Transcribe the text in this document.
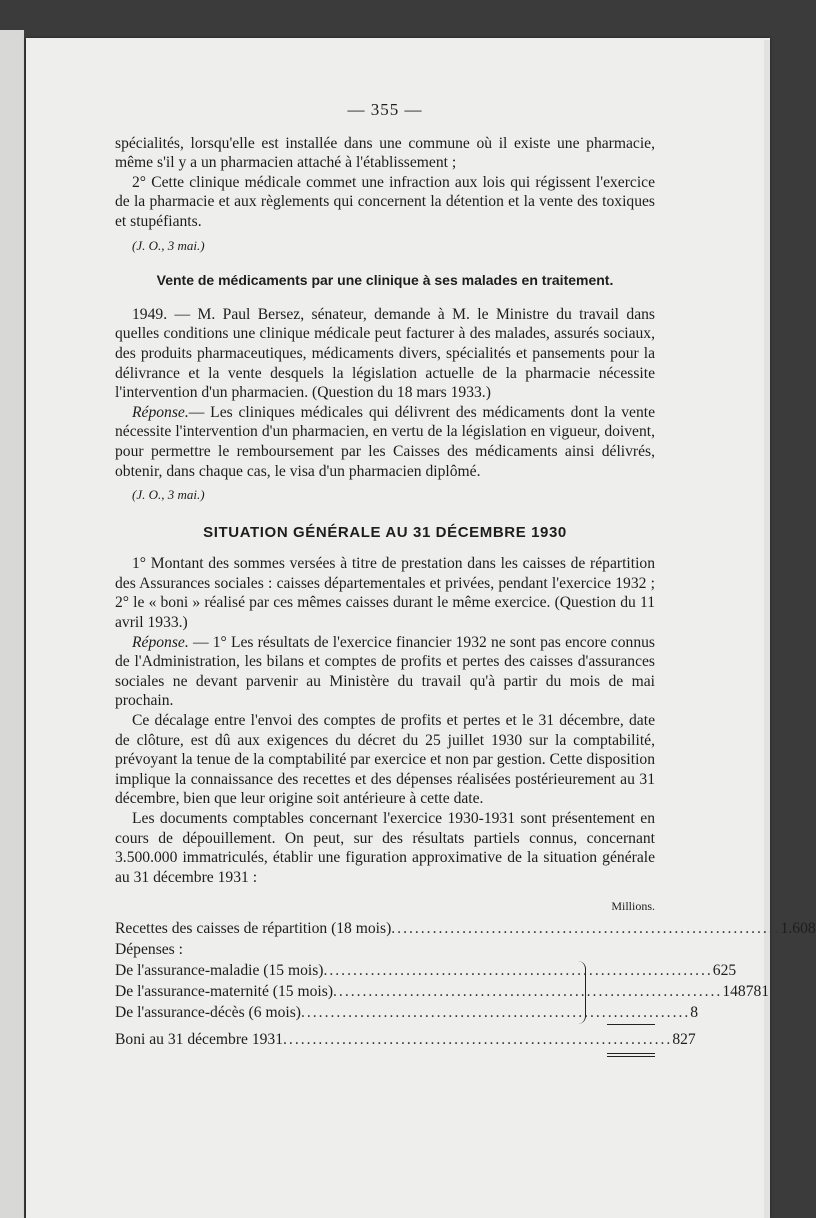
— 355 —

spécialités, lorsqu'elle est installée dans une commune où il existe une pharmacie, même s'il y a un pharmacien attaché à l'établissement ;

2° Cette clinique médicale commet une infraction aux lois qui régissent l'exercice de la pharmacie et aux règlements qui concernent la détention et la vente des toxiques et stupéfiants.

(J. O., 3 mai.)

Vente de médicaments par une clinique à ses malades en traitement.

1949. — M. Paul Bersez, sénateur, demande à M. le Ministre du travail dans quelles conditions une clinique médicale peut facturer à des malades, assurés sociaux, des produits pharmaceutiques, médicaments divers, spécialités et pansements pour la délivrance et la vente desquels la législation actuelle de la pharmacie nécessite l'intervention d'un pharmacien. (Question du 18 mars 1933.)

Réponse.— Les cliniques médicales qui délivrent des médicaments dont la vente nécessite l'intervention d'un pharmacien, en vertu de la législation en vigueur, doivent, pour permettre le remboursement par les Caisses des médicaments ainsi délivrés, obtenir, dans chaque cas, le visa d'un pharmacien diplômé.

(J. O., 3 mai.)

SITUATION GÉNÉRALE AU 31 DÉCEMBRE 1930

1° Montant des sommes versées à titre de prestation dans les caisses de répartition des Assurances sociales : caisses départementales et privées, pendant l'exercice 1932 ; 2° le « boni » réalisé par ces mêmes caisses durant le même exercice. (Question du 11 avril 1933.)

Réponse. — 1° Les résultats de l'exercice financier 1932 ne sont pas encore connus de l'Administration, les bilans et comptes de profits et pertes des caisses d'assurances sociales ne devant parvenir au Ministère du travail qu'à partir du mois de mai prochain.

Ce décalage entre l'envoi des comptes de profits et pertes et le 31 décembre, date de clôture, est dû aux exigences du décret du 25 juillet 1930 sur la comptabilité, prévoyant la tenue de la comptabilité par exercice et non par gestion. Cette disposition implique la connaissance des recettes et des dépenses réalisées postérieurement au 31 décembre, bien que leur origine soit antérieure à cette date.

Les documents comptables concernant l'exercice 1930-1931 sont présentement en cours de dépouillement. On peut, sur des résultats partiels connus, concernant 3.500.000 immatriculés, établir une figuration approximative de la situation générale au 31 décembre 1931 :

Millions.
Recettes des caisses de répartition (18 mois) .................................................................. 1.608
Dépenses :
De l'assurance-maladie (15 mois) .................................................................. 625
De l'assurance-maternité (15 mois) .................................................................. 148 781
De l'assurance-décès (6 mois) .................................................................. 8
Boni au 31 décembre 1931 .................................................................. 827
